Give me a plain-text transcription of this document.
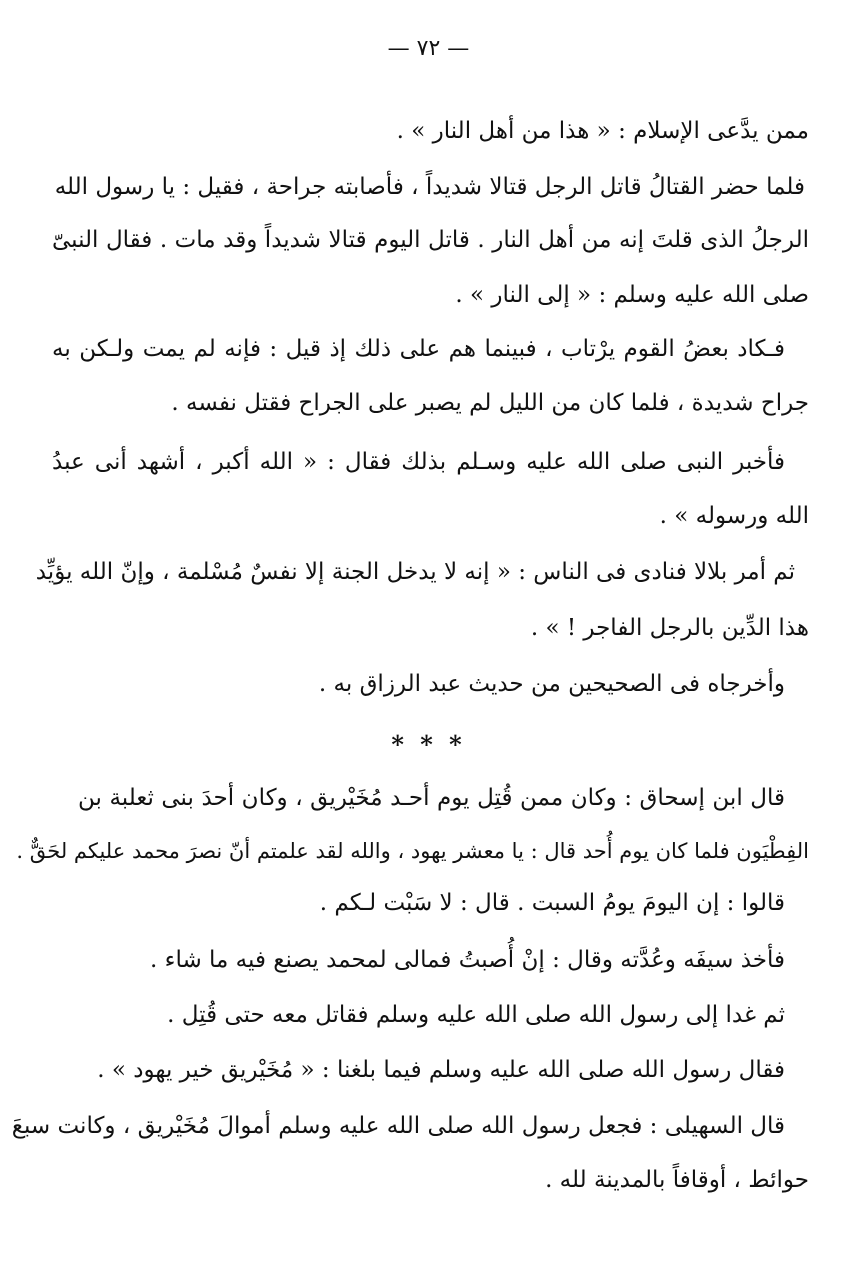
— ٧٢ —
ممن يدَّعى الإسلام : « هذا من أهل النار » .
فلما حضر القتالُ قاتل الرجل قتالا شديداً ، فأصابته جراحة ، فقيل : يا رسول الله
الرجلُ الذى قلتَ إنه من أهل النار . قاتل اليوم قتالا شديداً وقد مات . فقال النبىّ
صلى الله عليه وسلم : « إلى النار » .
فـكاد بعضُ القوم يرْتاب ، فبينما هم على ذلك إذ قيل : فإنه لم يمت ولـكن به
جراح شديدة ، فلما كان من الليل لم يصبر على الجراح فقتل نفسه .
فأخبر النبى صلى الله عليه وسـلم بذلك فقال : « الله أكبر ، أشهد أنى عبدُ
الله ورسوله » .
ثم أمر بلالا فنادى فى الناس : « إنه لا يدخل الجنة إلا نفسٌ مُسْلمة ، وإنّ الله يؤيِّد
هذا الدِّين بالرجل الفاجر ! » .
وأخرجاه فى الصحيحين من حديث عبد الرزاق به .
* * *
قال ابن إسحاق : وكان ممن قُتِل يوم أحـد مُخَيْريق ، وكان أحدَ بنى ثعلبة بن
الفِطْيَون فلما كان يوم أُحد قال : يا معشر يهود ، والله لقد علمتم أنّ نصرَ محمد عليكم لحَقٌّ .
قالوا : إن اليومَ يومُ السبت . قال : لا سَبْت لـكم .
فأخذ سيفَه وعُدَّته وقال : إنْ أُصبتُ فمالى لمحمد يصنع فيه ما شاء .
ثم غدا إلى رسول الله صلى الله عليه وسلم فقاتل معه حتى قُتِل .
فقال رسول الله صلى الله عليه وسلم فيما بلغنا : « مُخَيْريق خير يهود » .
قال السهيلى : فجعل رسول الله صلى الله عليه وسلم أموالَ مُخَيْريق ، وكانت سبعَ
حوائط ، أوقافاً بالمدينة لله .
